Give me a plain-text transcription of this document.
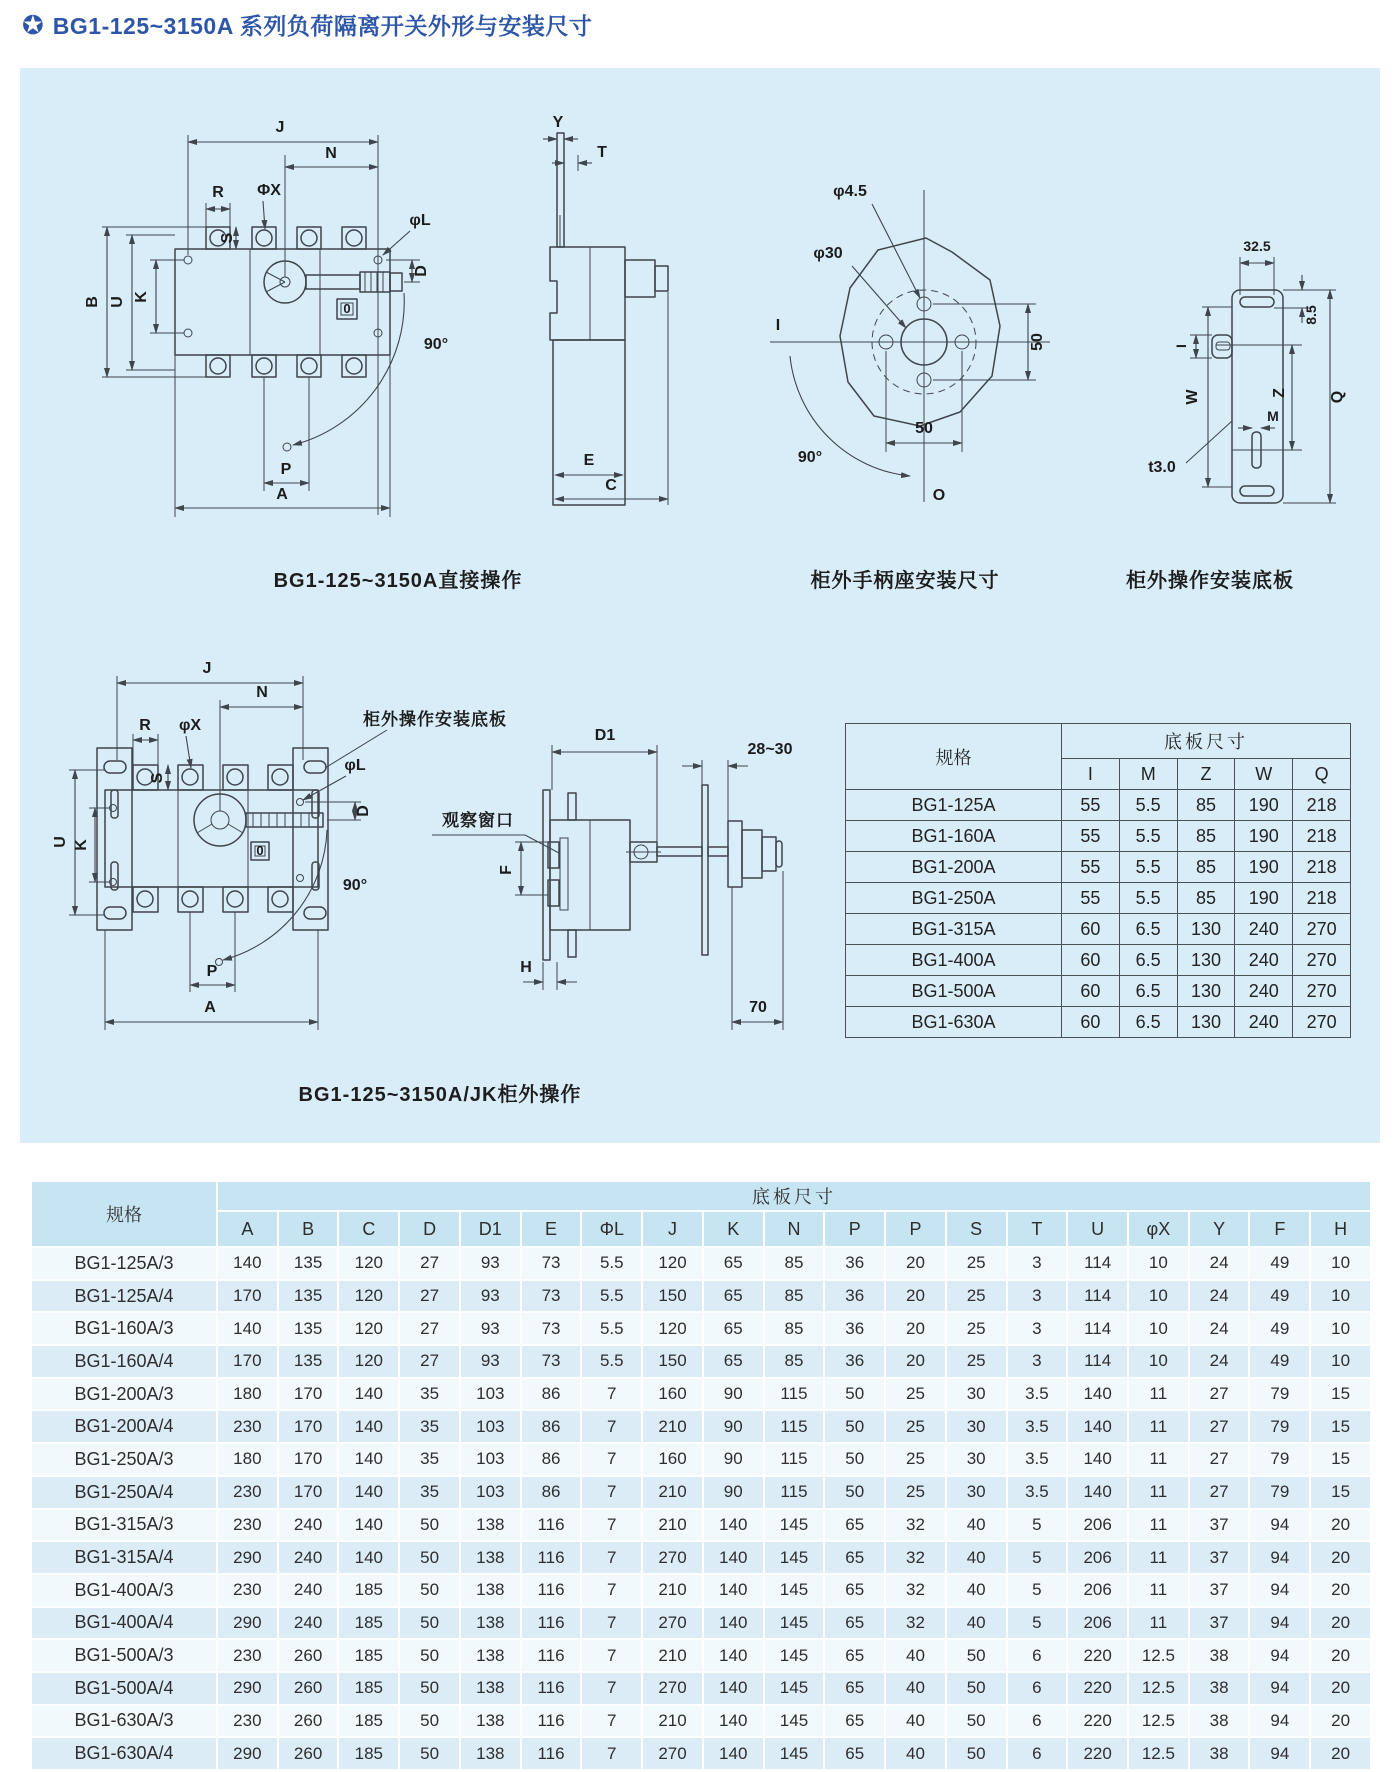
✪ BG1-125~3150A 系列负荷隔离开关外形与安装尺寸
J
N
R ΦX
S
B U K
0
φL
D
90°
P
A
Y
T
E
C
φ4.5
φ30
I
O
90°
50
50
32.5
8.5
I
W	Z
M
Q
t3.0
J
N
0
R φX
S
U K
φL
D
90°
P
A
柜外操作安装底板
D1
28~30
F
H
70
观察窗口
BG1-125~3150A直接操作	柜外手柄座安装尺寸	柜外操作安装底板
BG1-125~3150A/JK柜外操作
规格	底板尺寸				
	I	M	Z	W	Q
BG1-125A	55	5.5	85	190	218
BG1-160A	55	5.5	85	190	218
BG1-200A	55	5.5	85	190	218
BG1-250A	55	5.5	85	190	218
BG1-315A	60	6.5	130	240	270
BG1-400A	60	6.5	130	240	270
BG1-500A	60	6.5	130	240	270
BG1-630A	60	6.5	130	240	270
规格	底板尺寸																		
	A	B	C	D	D1	E	ΦL	J	K	N	P	P	S	T	U	φX	Y	F	H
BG1-125A/3	140	135	120	27	93	73	5.5	120	65	85	36	20	25	3	114	10	24	49	10
BG1-125A/4	170	135	120	27	93	73	5.5	150	65	85	36	20	25	3	114	10	24	49	10
BG1-160A/3	140	135	120	27	93	73	5.5	120	65	85	36	20	25	3	114	10	24	49	10
BG1-160A/4	170	135	120	27	93	73	5.5	150	65	85	36	20	25	3	114	10	24	49	10
BG1-200A/3	180	170	140	35	103	86	7	160	90	115	50	25	30	3.5	140	11	27	79	15
BG1-200A/4	230	170	140	35	103	86	7	210	90	115	50	25	30	3.5	140	11	27	79	15
BG1-250A/3	180	170	140	35	103	86	7	160	90	115	50	25	30	3.5	140	11	27	79	15
BG1-250A/4	230	170	140	35	103	86	7	210	90	115	50	25	30	3.5	140	11	27	79	15
BG1-315A/3	230	240	140	50	138	116	7	210	140	145	65	32	40	5	206	11	37	94	20
BG1-315A/4	290	240	140	50	138	116	7	270	140	145	65	32	40	5	206	11	37	94	20
BG1-400A/3	230	240	185	50	138	116	7	210	140	145	65	32	40	5	206	11	37	94	20
BG1-400A/4	290	240	185	50	138	116	7	270	140	145	65	32	40	5	206	11	37	94	20
BG1-500A/3	230	260	185	50	138	116	7	210	140	145	65	40	50	6	220	12.5	38	94	20
BG1-500A/4	290	260	185	50	138	116	7	270	140	145	65	40	50	6	220	12.5	38	94	20
BG1-630A/3	230	260	185	50	138	116	7	210	140	145	65	40	50	6	220	12.5	38	94	20
BG1-630A/4	290	260	185	50	138	116	7	270	140	145	65	40	50	6	220	12.5	38	94	20
